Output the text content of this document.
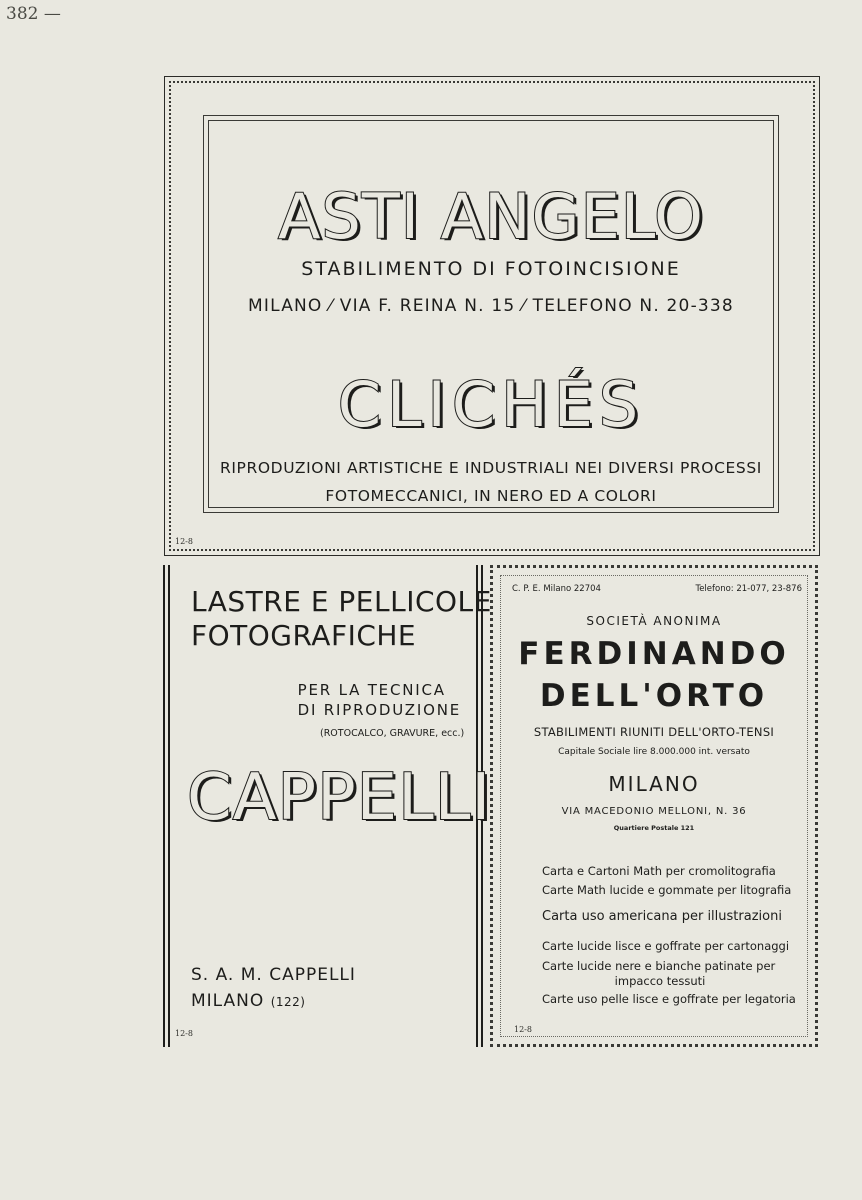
382 —
ASTI ANGELO
STABILIMENTO DI FOTOINCISIONE
MILANO ⁄ VIA F. REINA N. 15 ⁄ TELEFONO N. 20-338
CLICHÉS
RIPRODUZIONI ARTISTICHE E INDUSTRIALI NEI DIVERSI PROCESSI
FOTOMECCANICI, IN NERO ED A COLORI
12-8
LASTRE E PELLICOLE
FOTOGRAFICHE
PER LA TECNICA
DI RIPRODUZIONE
(ROTOCALCO, GRAVURE, ecc.)
CAPPELLI
S. A. M. CAPPELLI
MILANO (122)
12-8
C. P. E. Milano 22704	Telefono: 21-077, 23-876
SOCIETÀ ANONIMA
FERDINANDO
DELL'ORTO
STABILIMENTI RIUNITI DELL'ORTO-TENSI
Capitale Sociale lire 8.000.000 int. versato
MILANO
VIA MACEDONIO MELLONI, N. 36
Quartiere Postale 121
Carta e Cartoni Math per cromolitografia
Carte Math lucide e gommate per litografia
Carta uso americana per illustrazioni
Carte lucide lisce e goffrate per cartonaggi
Carte lucide nere e bianche patinate per
impacco tessuti
Carte uso pelle lisce e goffrate per legatoria
12-8
